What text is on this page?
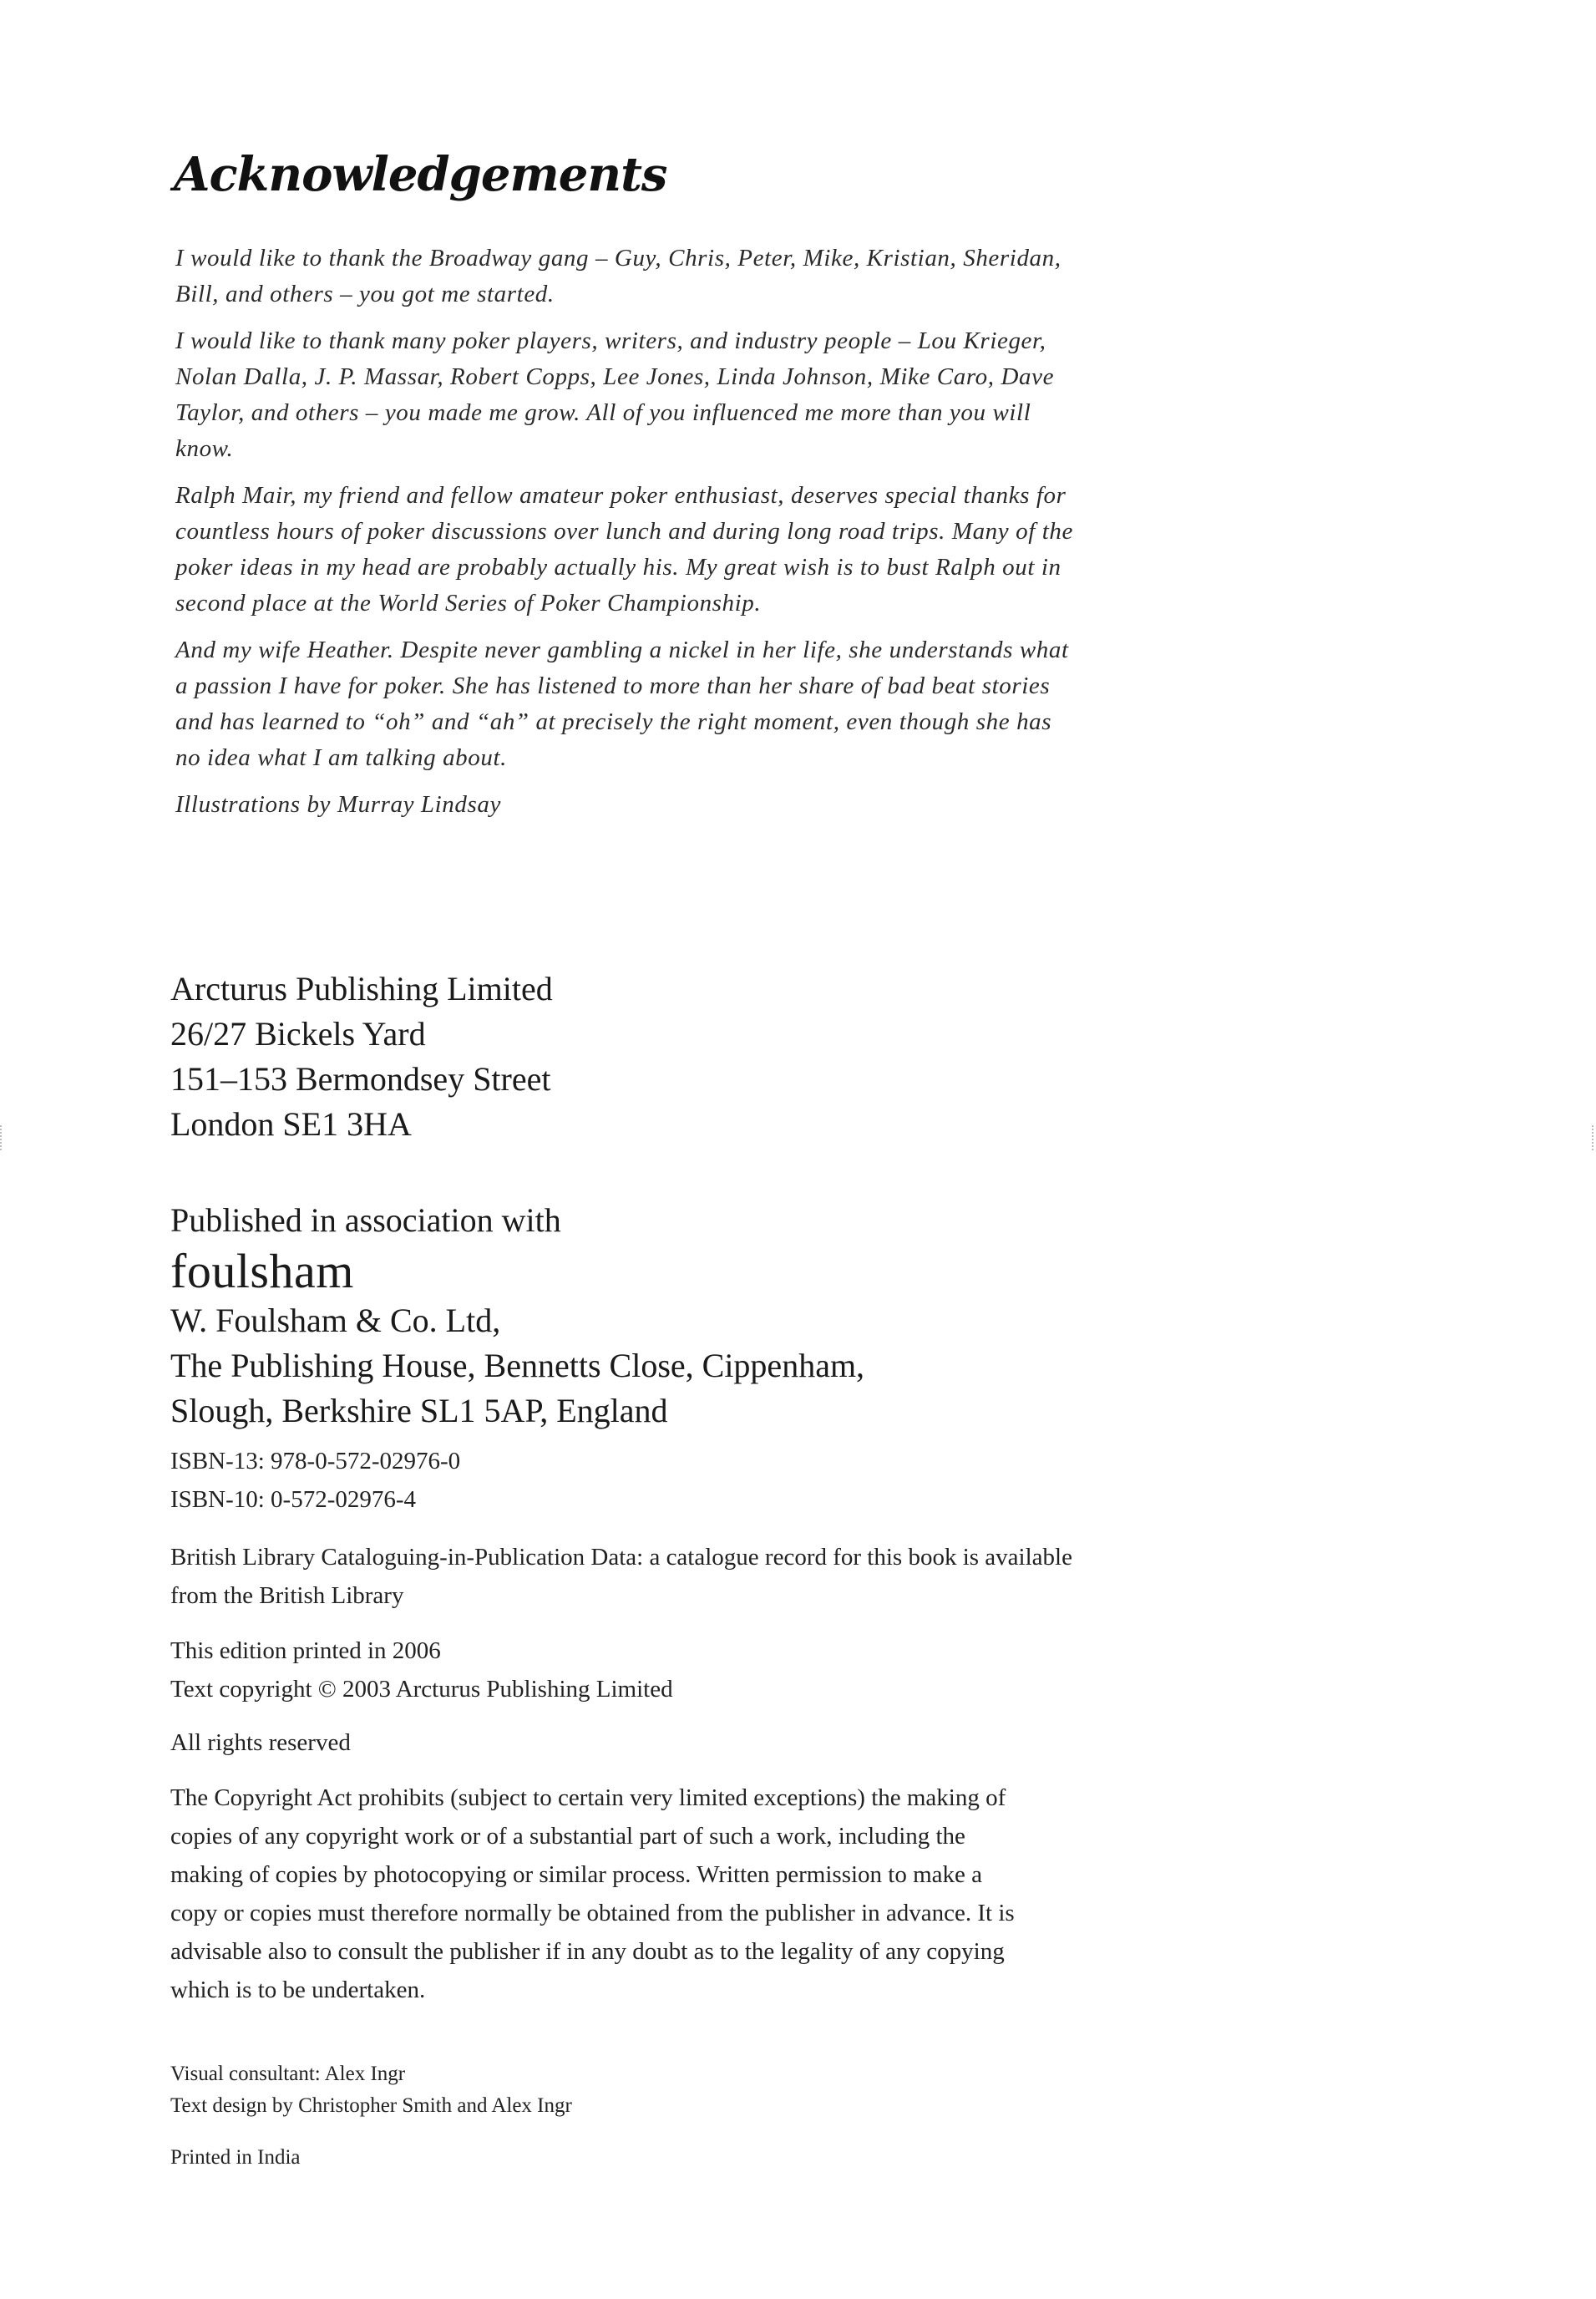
Acknowledgements

I would like to thank the Broadway gang – Guy, Chris, Peter, Mike, Kristian, Sheridan, Bill, and others – you got me started.

I would like to thank many poker players, writers, and industry people – Lou Krieger, Nolan Dalla, J. P. Massar, Robert Copps, Lee Jones, Linda Johnson, Mike Caro, Dave Taylor, and others – you made me grow. All of you influenced me more than you will know.

Ralph Mair, my friend and fellow amateur poker enthusiast, deserves special thanks for countless hours of poker discussions over lunch and during long road trips. Many of the poker ideas in my head are probably actually his. My great wish is to bust Ralph out in second place at the World Series of Poker Championship.

And my wife Heather. Despite never gambling a nickel in her life, she understands what a passion I have for poker. She has listened to more than her share of bad beat stories and has learned to “oh” and “ah” at precisely the right moment, even though she has no idea what I am talking about.

Illustrations by Murray Lindsay

Arcturus Publishing Limited
26/27 Bickels Yard
151–153 Bermondsey Street
London SE1 3HA
Published in association with
foulsham
W. Foulsham & Co. Ltd,
The Publishing House, Bennetts Close, Cippenham,
Slough, Berkshire SL1 5AP, England
ISBN-13: 978-0-572-02976-0
ISBN-10: 0-572-02976-4
British Library Cataloguing-in-Publication Data: a catalogue record for this book is available from the British Library
This edition printed in 2006
Text copyright © 2003 Arcturus Publishing Limited
All rights reserved
The Copyright Act prohibits (subject to certain very limited exceptions) the making of copies of any copyright work or of a substantial part of such a work, including the making of copies by photocopying or similar process. Written permission to make a copy or copies must therefore normally be obtained from the publisher in advance. It is advisable also to consult the publisher if in any doubt as to the legality of any copying which is to be undertaken.
Visual consultant: Alex Ingr
Text design by Christopher Smith and Alex Ingr
Printed in India
